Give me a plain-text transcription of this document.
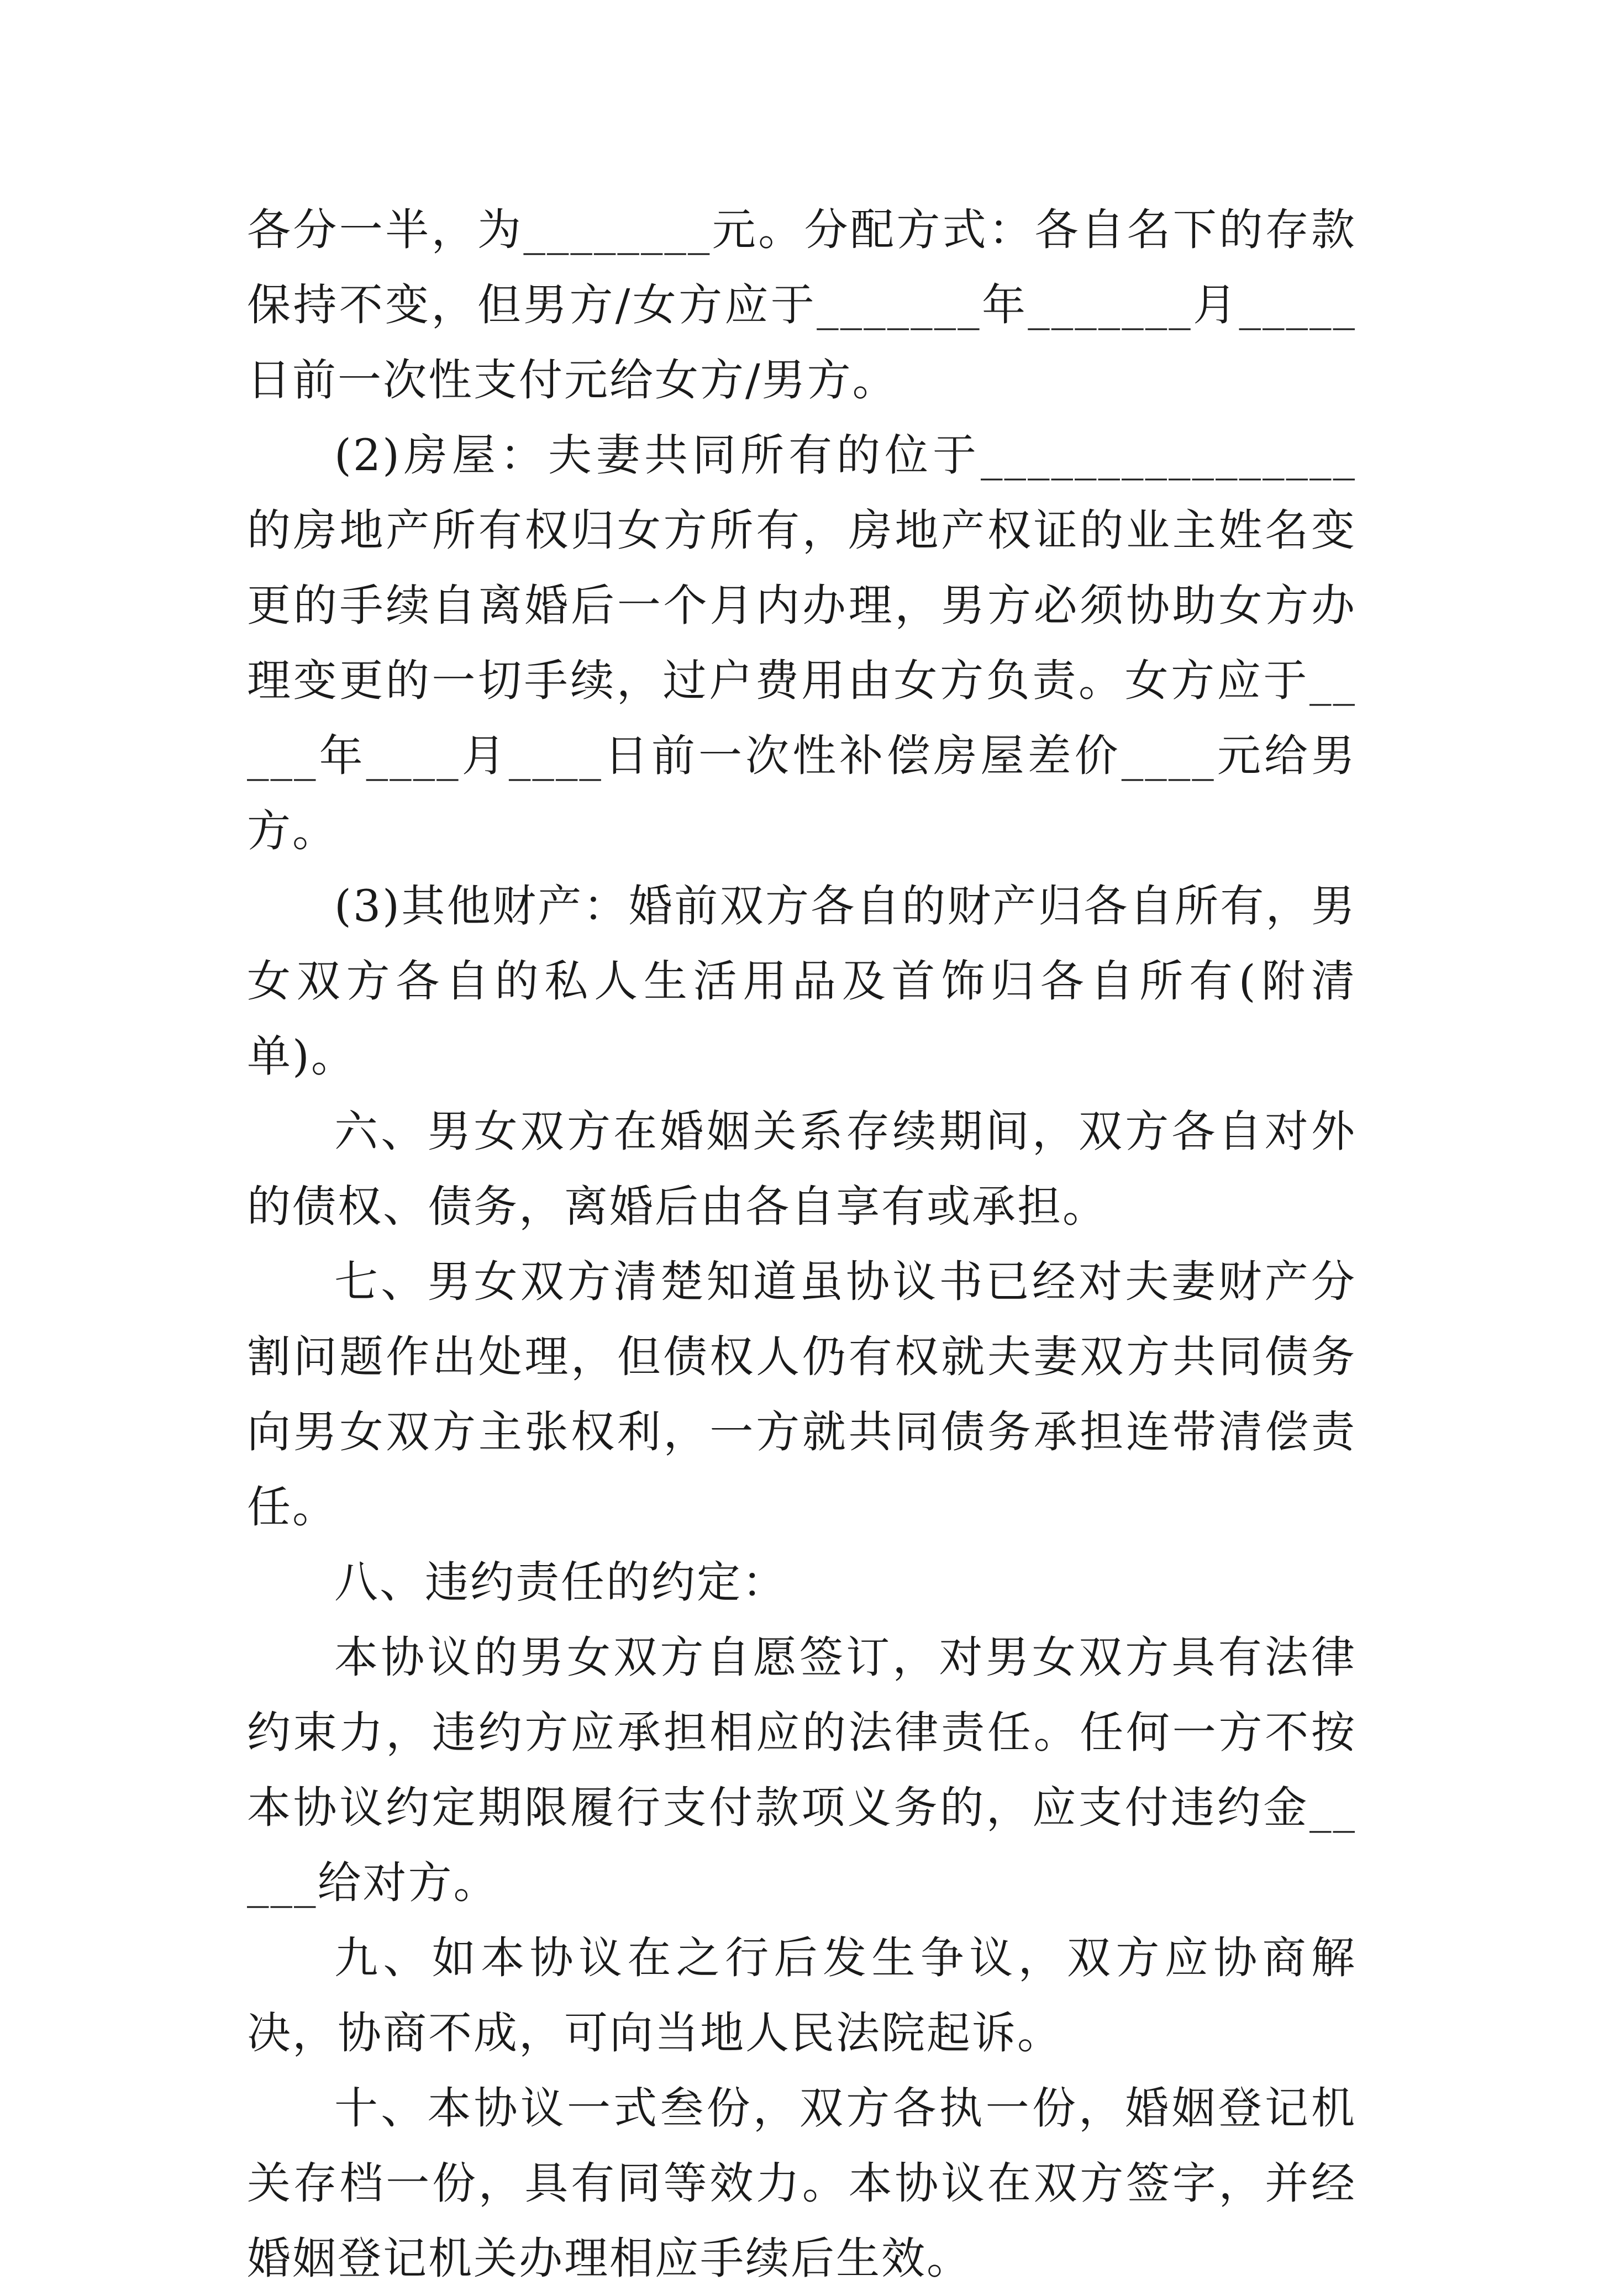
各分一半，为________元。分配方式：各自名下的存款保持不变，但男方/女方应于_______年_______月_____日前一次性支付元给女方/男方。

(2)房屋：夫妻共同所有的位于________________的房地产所有权归女方所有，房地产权证的业主姓名变更的手续自离婚后一个月内办理，男方必须协助女方办理变更的一切手续，过户费用由女方负责。女方应于_____年____月____日前一次性补偿房屋差价____元给男方。

(3)其他财产：婚前双方各自的财产归各自所有，男女双方各自的私人生活用品及首饰归各自所有(附清单)。

六、男女双方在婚姻关系存续期间，双方各自对外的债权、债务，离婚后由各自享有或承担。

七、男女双方清楚知道虽协议书已经对夫妻财产分割问题作出处理，但债权人仍有权就夫妻双方共同债务向男女双方主张权利，一方就共同债务承担连带清偿责任。

八、违约责任的约定：

本协议的男女双方自愿签订，对男女双方具有法律约束力，违约方应承担相应的法律责任。任何一方不按本协议约定期限履行支付款项义务的，应支付违约金_____给对方。

九、如本协议在之行后发生争议，双方应协商解决，协商不成，可向当地人民法院起诉。

十、本协议一式叁份，双方各执一份，婚姻登记机关存档一份，具有同等效力。本协议在双方签字，并经婚姻登记机关办理相应手续后生效。
